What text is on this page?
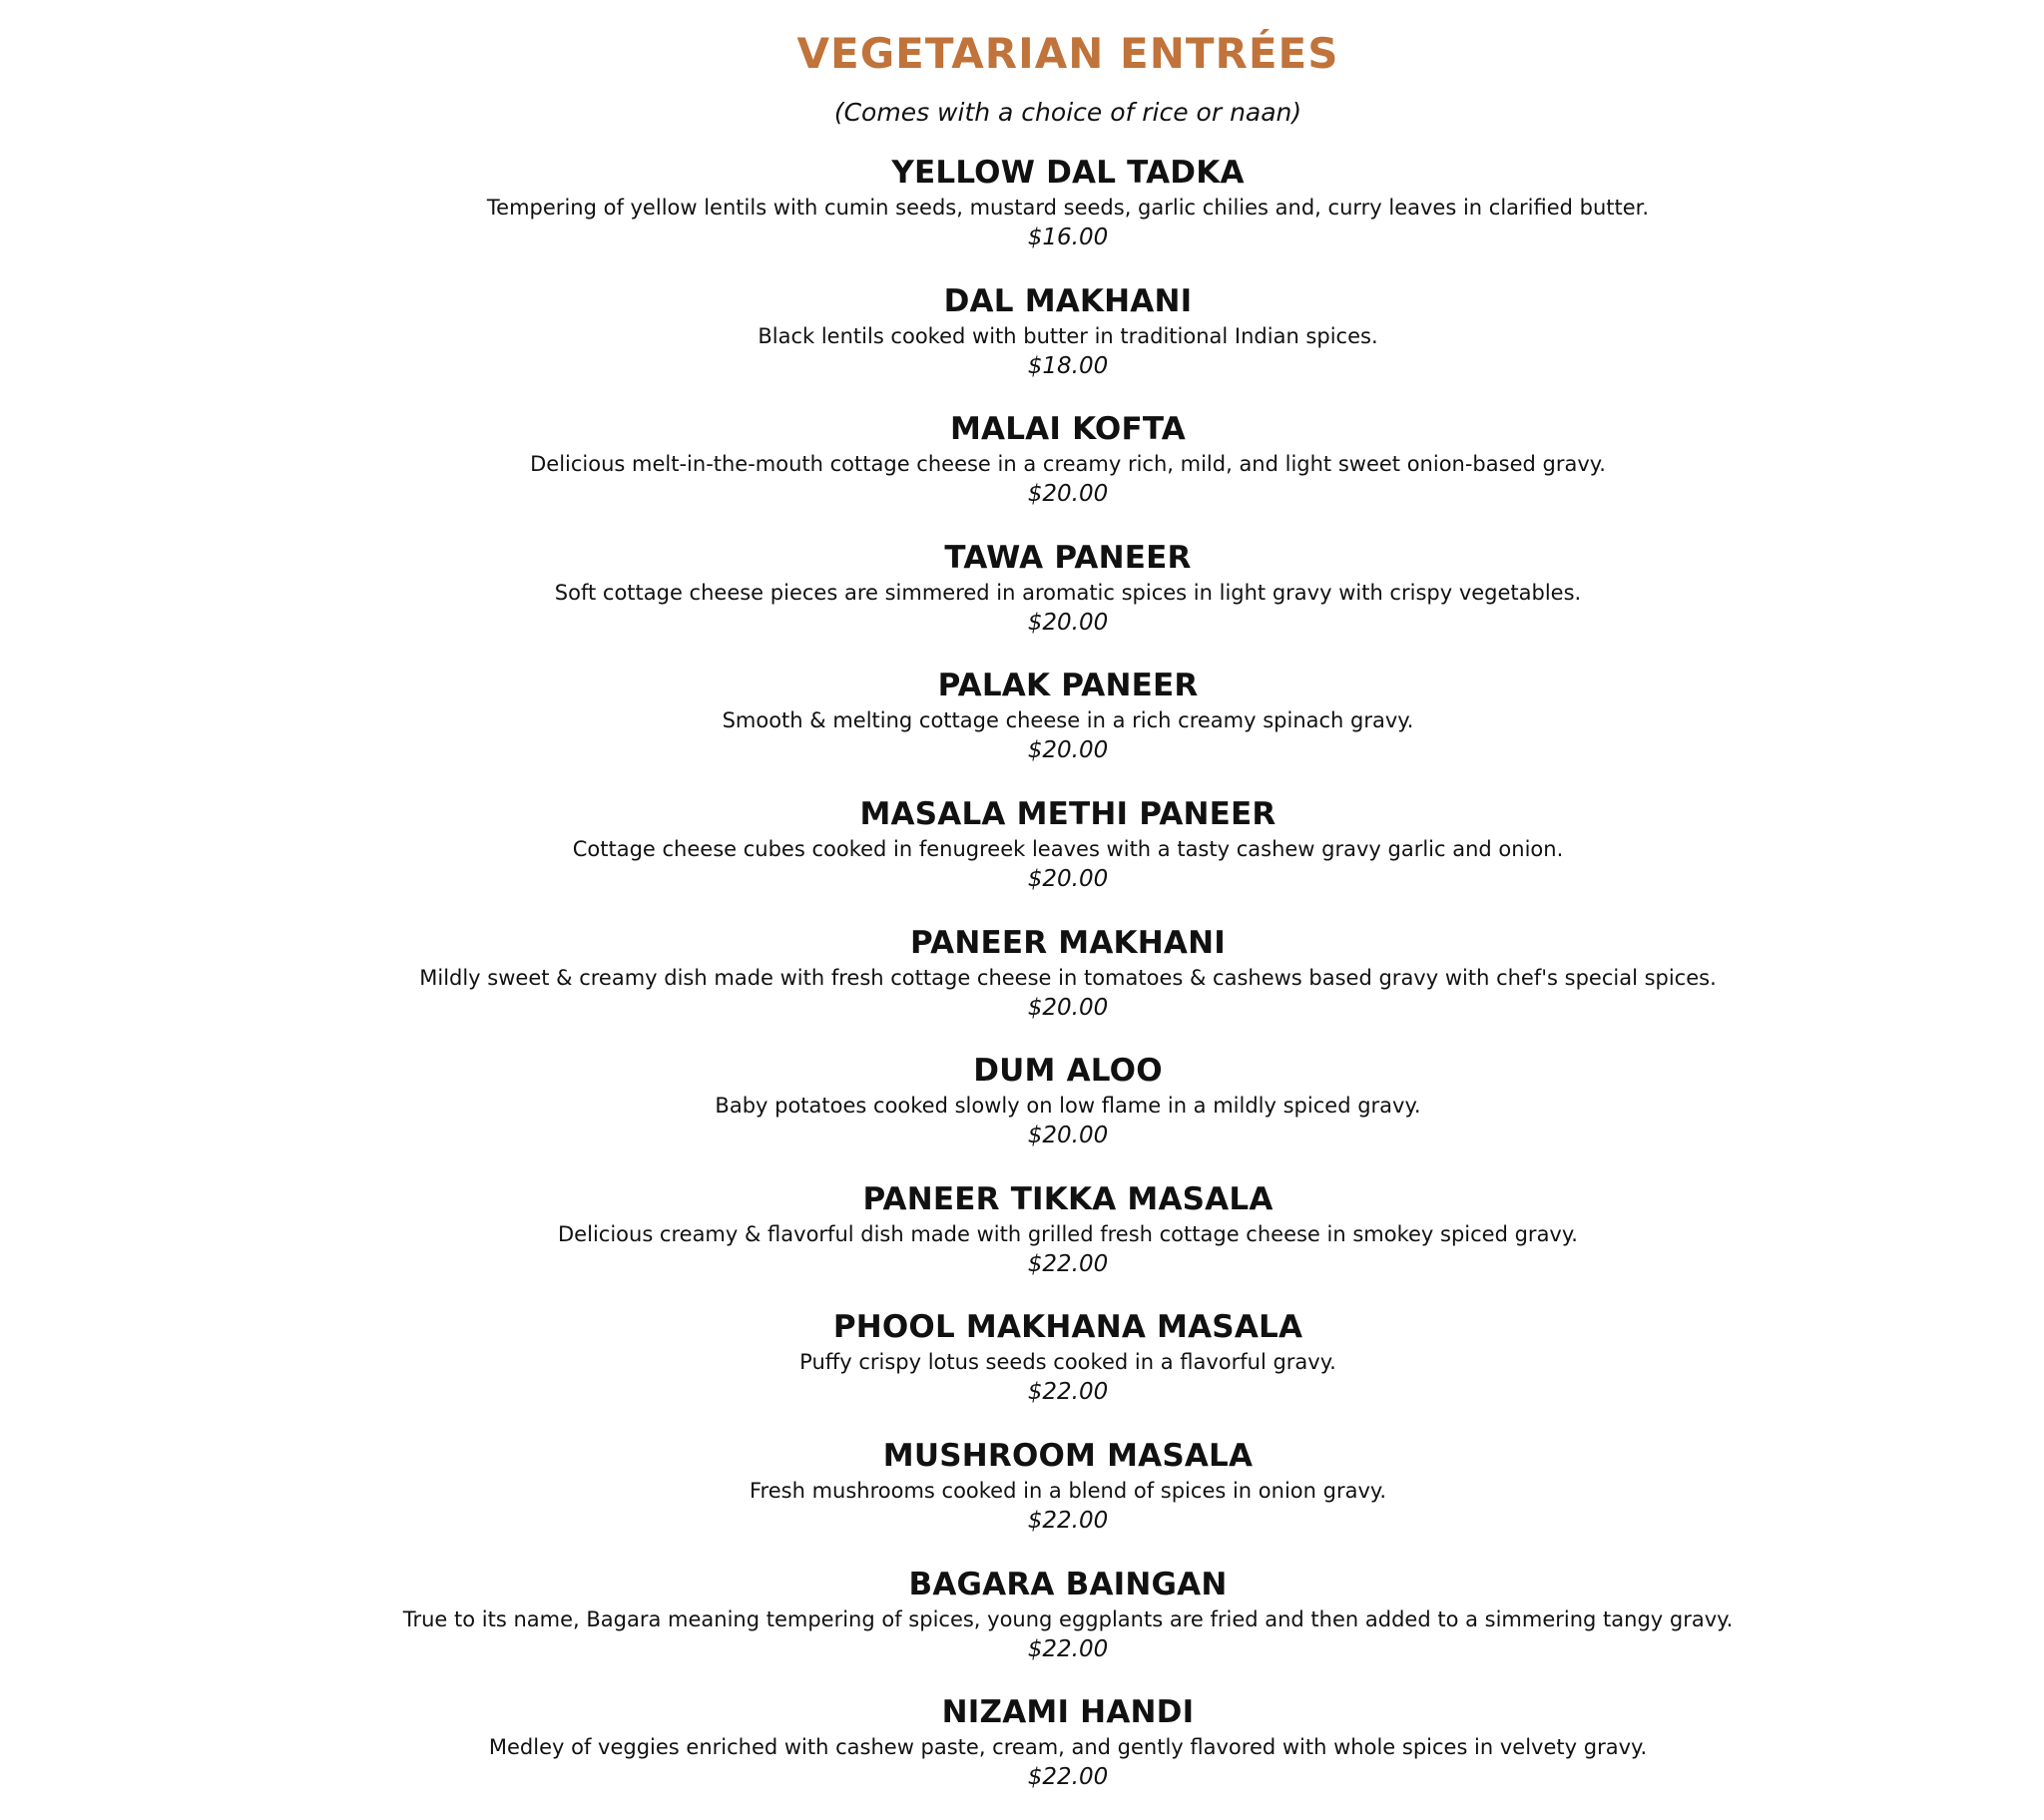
VEGETARIAN ENTRÉES

(Comes with a choice of rice or naan)

YELLOW DAL TADKA
Tempering of yellow lentils with cumin seeds, mustard seeds, garlic chilies and, curry leaves in clarified butter.
$16.00
DAL MAKHANI
Black lentils cooked with butter in traditional Indian spices.
$18.00
MALAI KOFTA
Delicious melt-in-the-mouth cottage cheese in a creamy rich, mild, and light sweet onion-based gravy.
$20.00
TAWA PANEER
Soft cottage cheese pieces are simmered in aromatic spices in light gravy with crispy vegetables.
$20.00
PALAK PANEER
Smooth & melting cottage cheese in a rich creamy spinach gravy.
$20.00
MASALA METHI PANEER
Cottage cheese cubes cooked in fenugreek leaves with a tasty cashew gravy garlic and onion.
$20.00
PANEER MAKHANI
Mildly sweet & creamy dish made with fresh cottage cheese in tomatoes & cashews based gravy with chef's special spices.
$20.00
DUM ALOO
Baby potatoes cooked slowly on low flame in a mildly spiced gravy.
$20.00
PANEER TIKKA MASALA
Delicious creamy & flavorful dish made with grilled fresh cottage cheese in smokey spiced gravy.
$22.00
PHOOL MAKHANA MASALA
Puffy crispy lotus seeds cooked in a flavorful gravy.
$22.00
MUSHROOM MASALA
Fresh mushrooms cooked in a blend of spices in onion gravy.
$22.00
BAGARA BAINGAN
True to its name, Bagara meaning tempering of spices, young eggplants are fried and then added to a simmering tangy gravy.
$22.00
NIZAMI HANDI
Medley of veggies enriched with cashew paste, cream, and gently flavored with whole spices in velvety gravy.
$22.00
